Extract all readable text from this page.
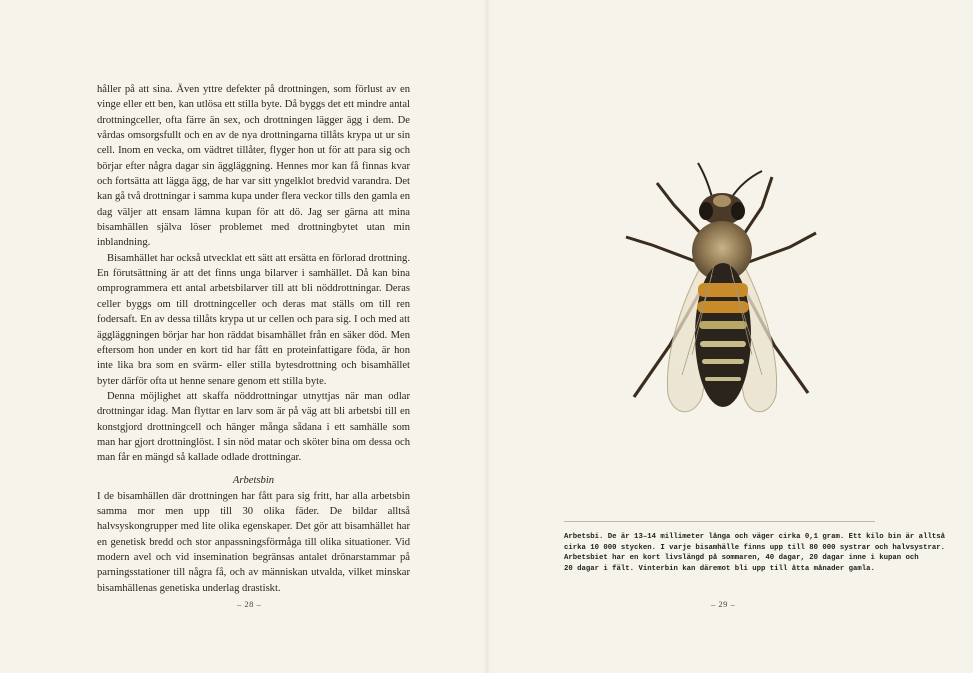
håller på att sina. Även yttre defekter på drottningen, som förlust av en vinge eller ett ben, kan utlösa ett stilla byte. Då byggs det ett mindre antal drottningceller, ofta färre än sex, och drottningen lägger ägg i dem. De vårdas omsorgsfullt och en av de nya drottningarna tillåts krypa ut ur sin cell. Inom en vecka, om vädtret tillåter, flyger hon ut för att para sig och börjar efter några dagar sin äggläggning. Hennes mor kan få finnas kvar och fortsätta att lägga ägg, de har var sitt yngelklot bredvid varandra. Det kan gå två drottningar i samma kupa under flera veckor tills den gamla en dag väljer att ensam lämna kupan för att dö. Jag ser gärna att mina bisamhällen själva löser problemet med drottningbytet utan min inblandning.

Bisamhället har också utvecklat ett sätt att ersätta en förlorad drottning. En förutsättning är att det finns unga bilarver i samhället. Då kan bina omprogrammera ett antal arbetsbilarver till att bli nöddrottningar. Deras celler byggs om till drottningceller och deras mat ställs om till ren fodersaft. En av dessa tillåts krypa ut ur cellen och para sig. I och med att äggläggningen börjar har hon räddat bisamhället från en säker död. Men eftersom hon under en kort tid har fått en proteinfattigare föda, är hon inte lika bra som en svärm- eller stilla bytesdrottning och bisamhället byter därför ofta ut henne senare genom ett stilla byte.

Denna möjlighet att skaffa nöddrottningar utnyttjas när man odlar drottningar idag. Man flyttar en larv som är på väg att bli arbetsbi till en konstgjord drottningcell och hänger många sådana i ett samhälle som man har gjort drottninglöst. I sin nöd matar och sköter bina om dessa och man får en mängd så kallade odlade drottningar.

Arbetsbin

I de bisamhällen där drottningen har fått para sig fritt, har alla arbetsbin samma mor men upp till 30 olika fäder. De bildar alltså halvsyskongrupper med lite olika egenskaper. Det gör att bisamhället har en genetisk bredd och stor anpassningsförmåga till olika situationer. Vid modern avel och vid insemination begränsas antalet drönarstammar på parningsstationer till några få, och av människan utvalda, vilket minskar bisamhällenas genetiska underlag drastiskt.

– 28 –
Arbetsbi. De är 13–14 millimeter långa och väger cirka 0,1 gram. Ett kilo bin är alltså
cirka 10 000 stycken. I varje bisamhälle finns upp till 80 000 systrar och halvsystrar.
Arbetsbiet har en kort livslängd på sommaren, 40 dagar, 20 dagar inne i kupan och
20 dagar i fält. Vinterbin kan däremot bli upp till åtta månader gamla.
– 29 –
